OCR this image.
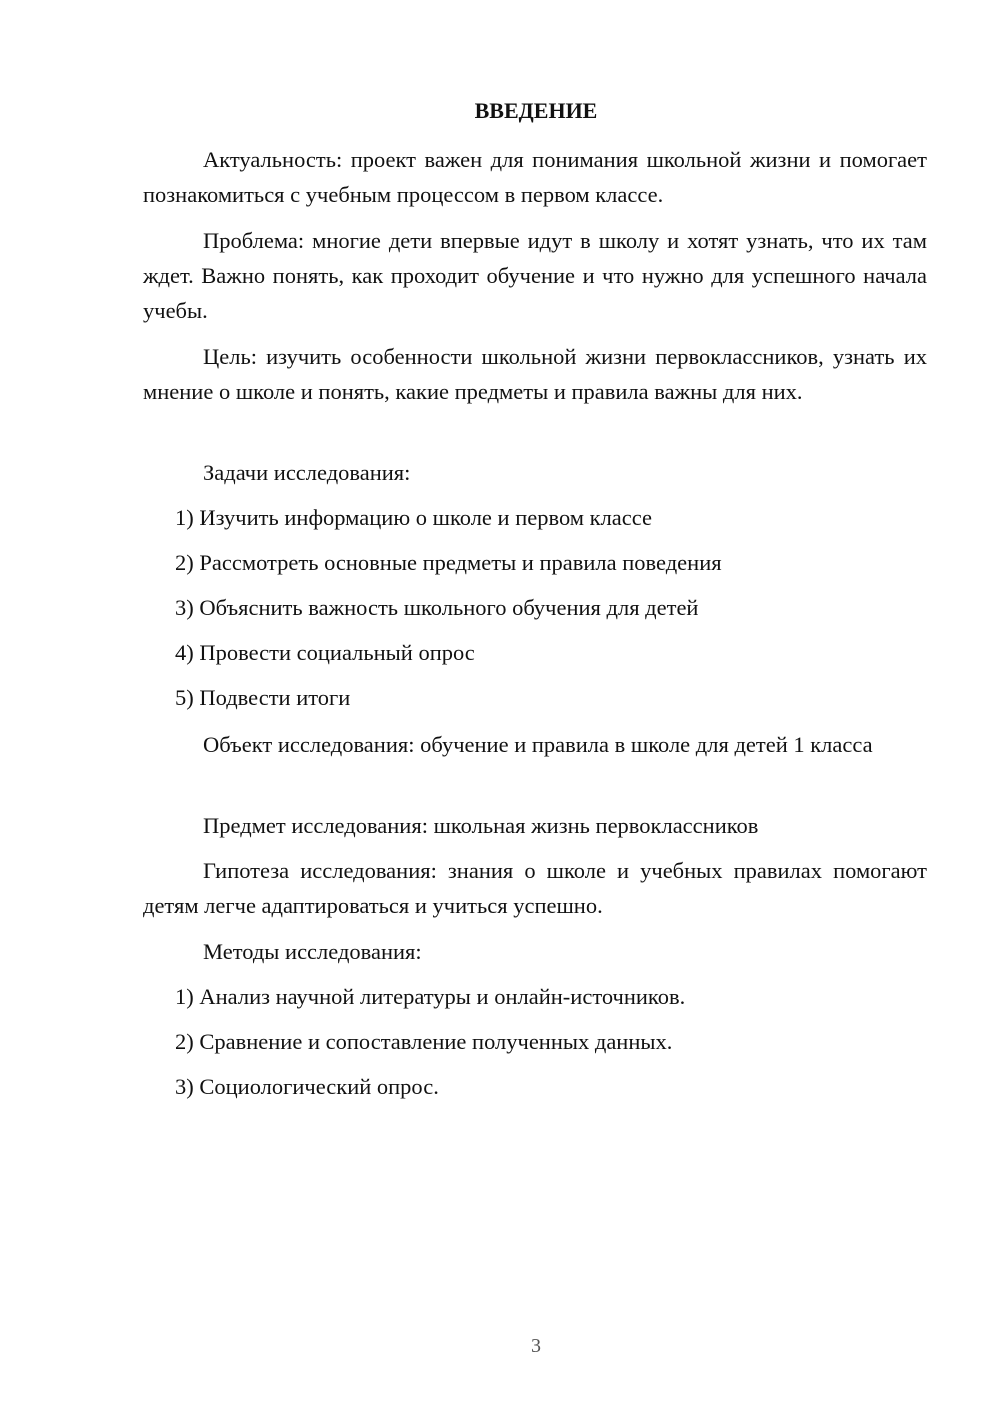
ВВЕДЕНИЕ
Актуальность: проект важен для понимания школьной жизни и помогает познакомиться с учебным процессом в первом классе.
Проблема: многие дети впервые идут в школу и хотят узнать, что их там ждет. Важно понять, как проходит обучение и что нужно для успешного начала учебы.
Цель: изучить особенности школьной жизни первоклассников, узнать их мнение о школе и понять, какие предметы и правила важны для них.
Задачи исследования:
1) Изучить информацию о школе и первом классе
2) Рассмотреть основные предметы и правила поведения
3) Объяснить важность школьного обучения для детей
4) Провести социальный опрос
5) Подвести итоги
Объект исследования: обучение и правила в школе для детей 1 класса
Предмет исследования: школьная жизнь первоклассников
Гипотеза исследования: знания о школе и учебных правилах помогают детям легче адаптироваться и учиться успешно.
Методы исследования:
1) Анализ научной литературы и онлайн-источников.
2) Сравнение и сопоставление полученных данных.
3) Социологический опрос.
3
